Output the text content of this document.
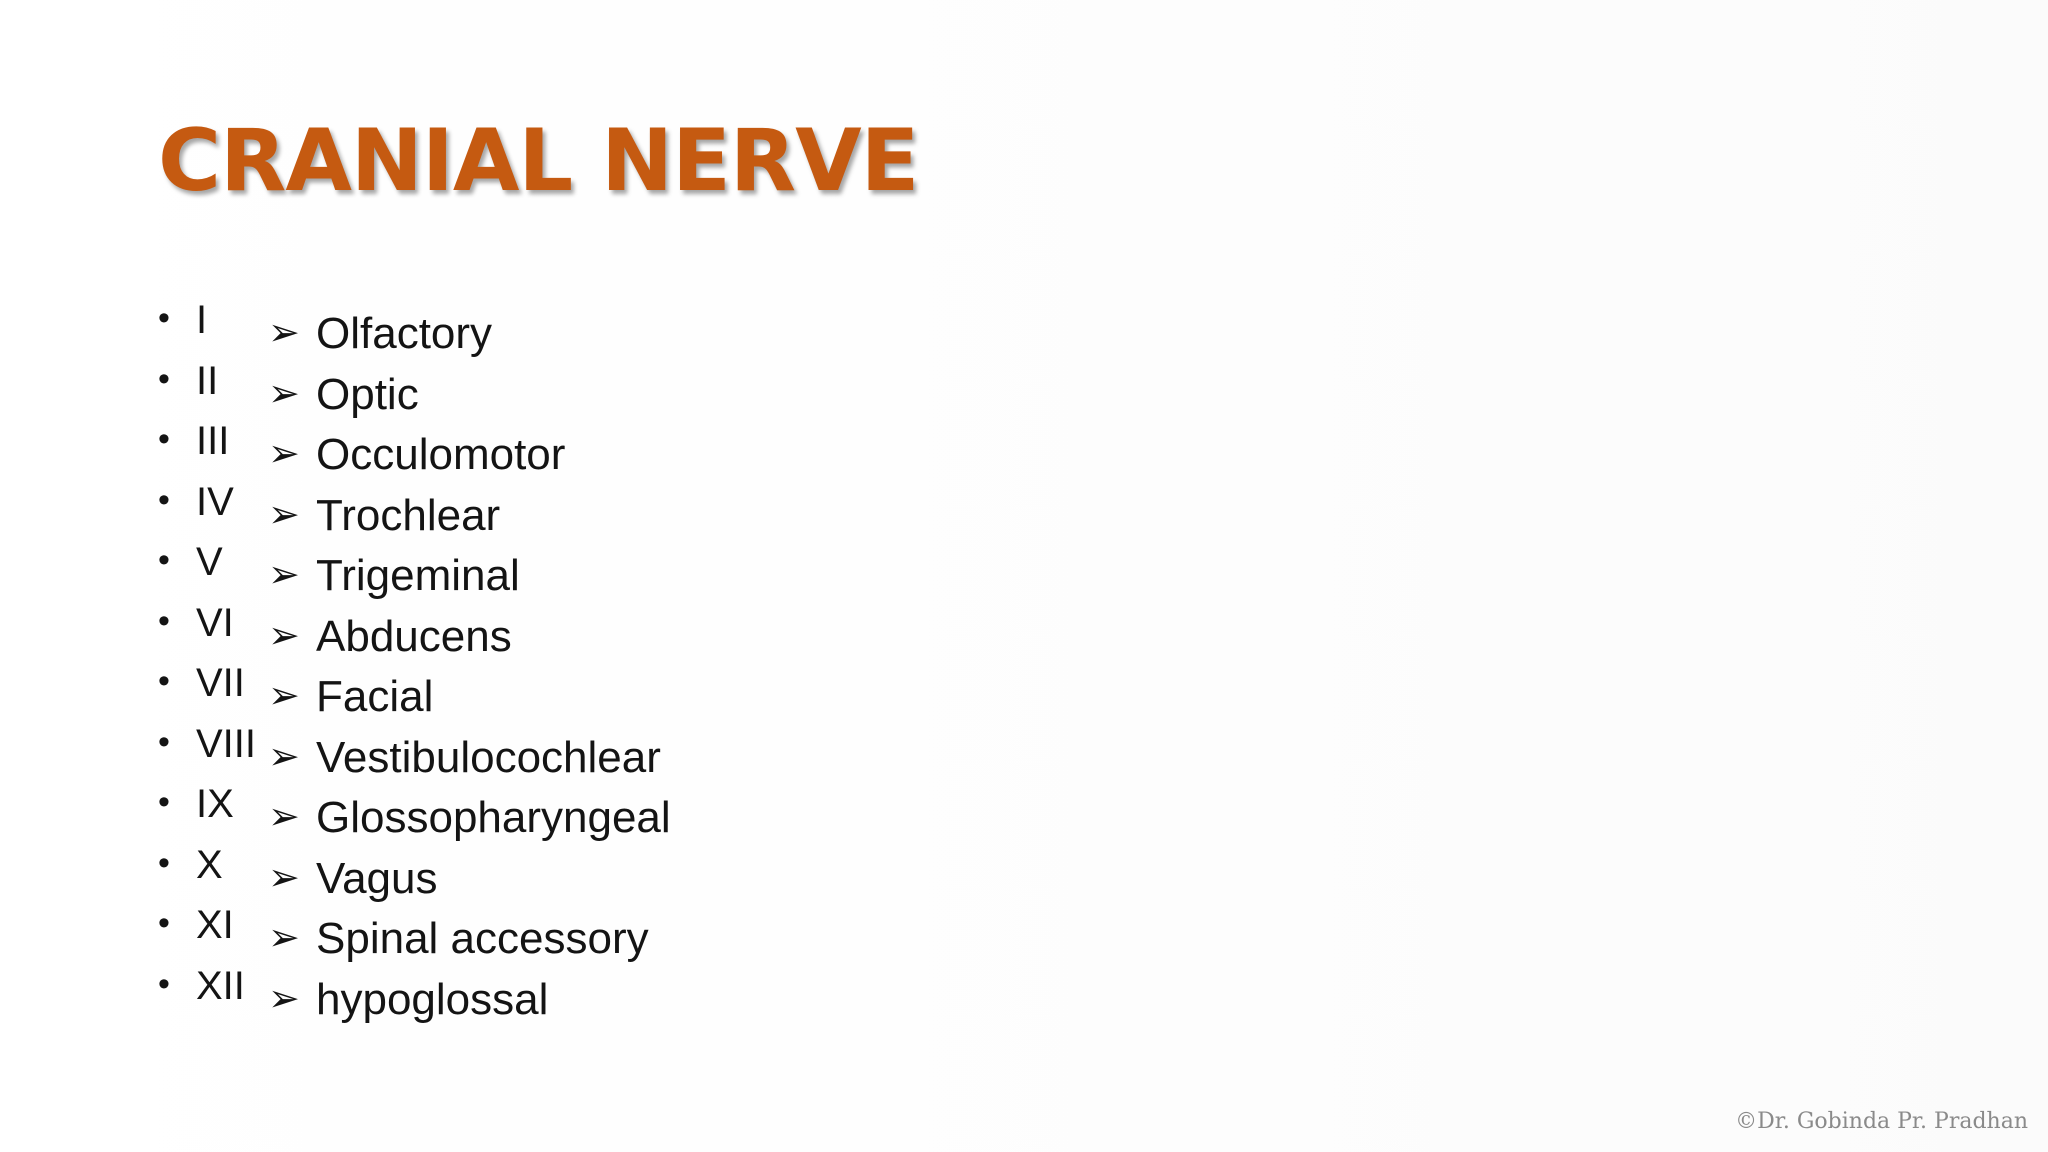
CRANIAL NERVE
• I
• II
• III
• IV
• V
• VI
• VII
• VIII
• IX
• X
• XI
• XII
➢ Olfactory
➢ Optic
➢ Occulomotor
➢ Trochlear
➢ Trigeminal
➢ Abducens
➢ Facial
➢ Vestibulocochlear
➢ Glossopharyngeal
➢ Vagus
➢ Spinal accessory
➢ hypoglossal
©Dr. Gobinda Pr. Pradhan
